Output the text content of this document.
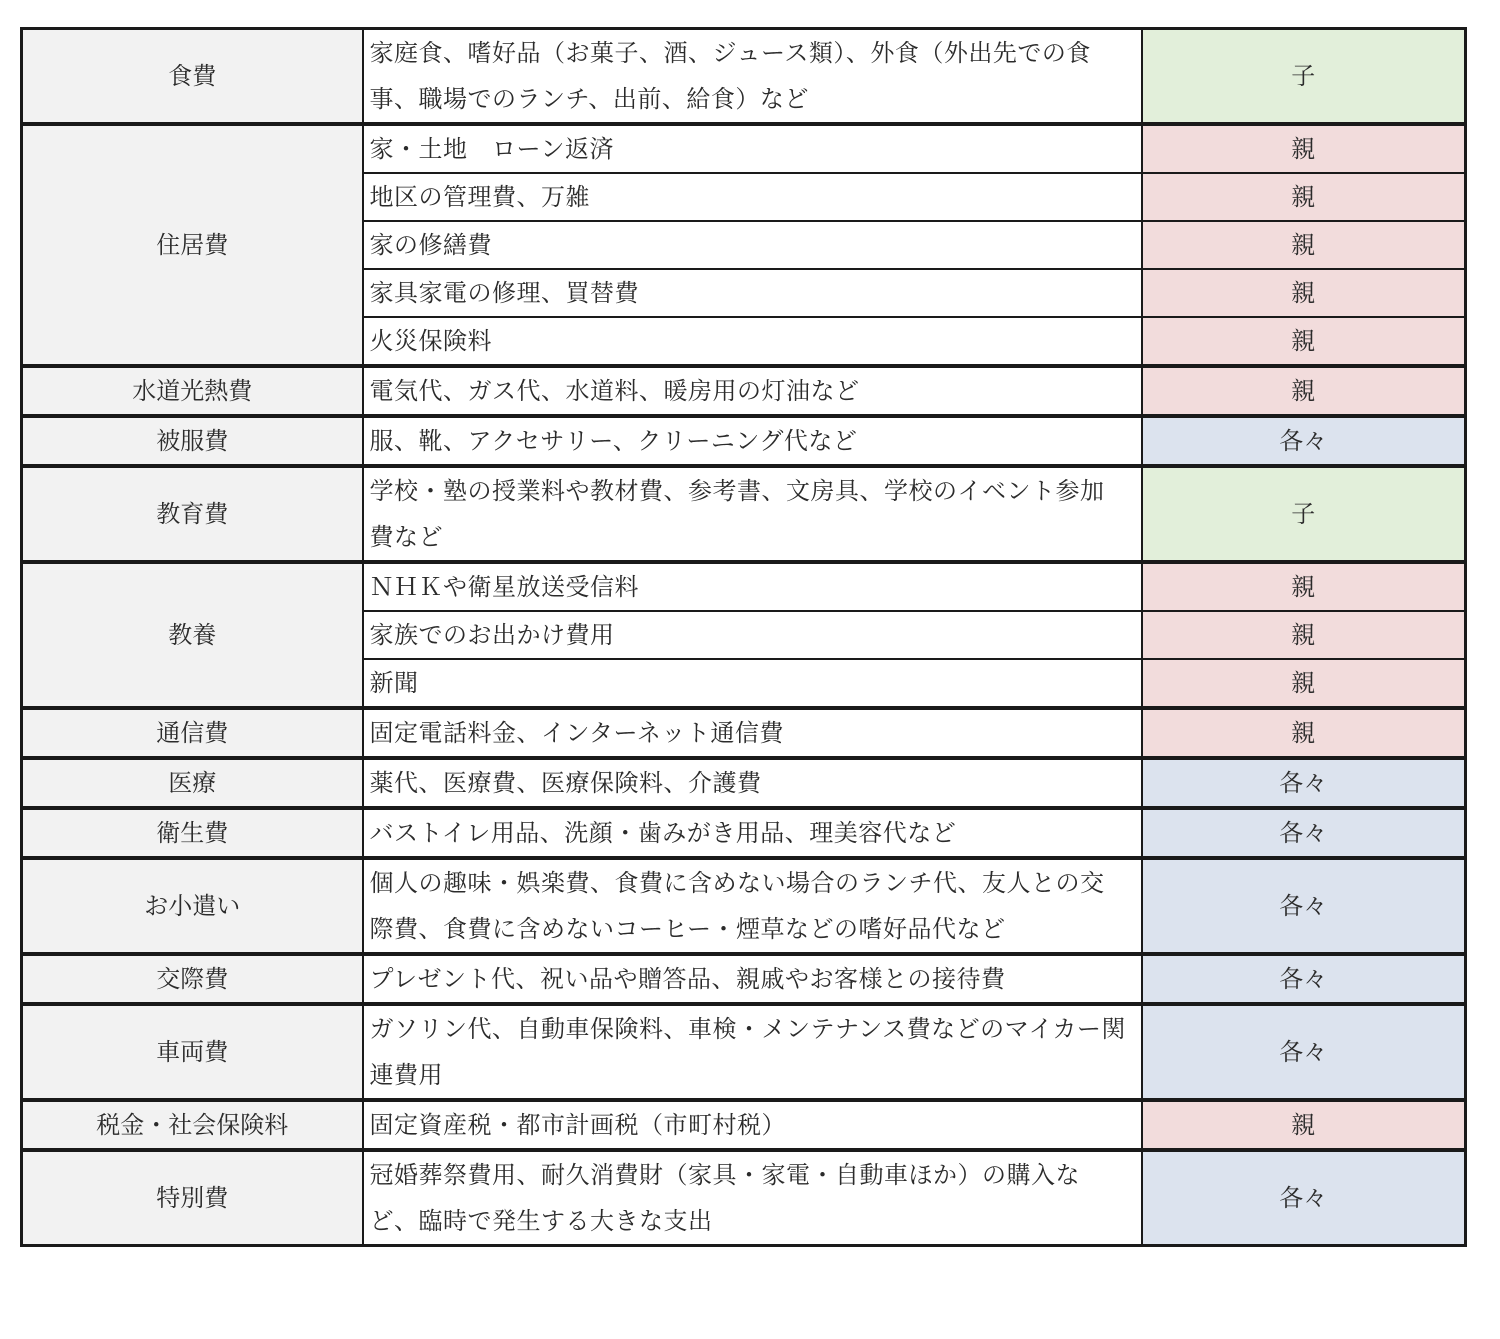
食費	家庭食、嗜好品（お菓子、酒、ジュース類）、外食（外出先での食事、職場でのランチ、出前、給食）など	子
住居費	家・土地　ローン返済	親
	地区の管理費、万雑	親
	家の修繕費	親
	家具家電の修理、買替費	親
	火災保険料	親
水道光熱費	電気代、ガス代、水道料、暖房用の灯油など	親
被服費	服、靴、アクセサリー、クリーニング代など	各々
教育費	学校・塾の授業料や教材費、参考書、文房具、学校のイベント参加費など	子
教養	ＮＨＫや衛星放送受信料	親
	家族でのお出かけ費用	親
	新聞	親
通信費	固定電話料金、インターネット通信費	親
医療	薬代、医療費、医療保険料、介護費	各々
衛生費	バストイレ用品、洗顔・歯みがき用品、理美容代など	各々
お小遣い	個人の趣味・娯楽費、食費に含めない場合のランチ代、友人との交際費、食費に含めないコーヒー・煙草などの嗜好品代など	各々
交際費	プレゼント代、祝い品や贈答品、親戚やお客様との接待費	各々
車両費	ガソリン代、自動車保険料、車検・メンテナンス費などのマイカー関連費用	各々
税金・社会保険料	固定資産税・都市計画税（市町村税）	親
特別費	冠婚葬祭費用、耐久消費財（家具・家電・自動車ほか）の購入など、臨時で発生する大きな支出	各々
